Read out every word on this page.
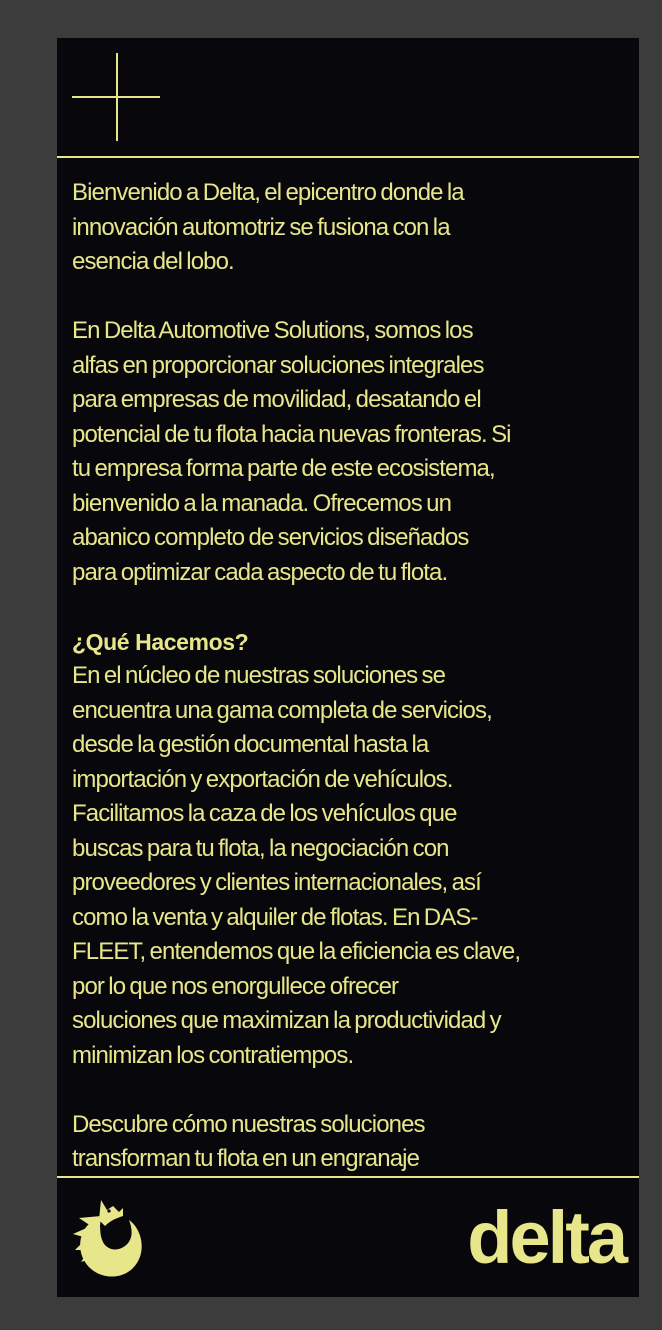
Bienvenido a Delta, el epicentro donde la
innovación automotriz se fusiona con la
esencia del lobo.

En Delta Automotive Solutions, somos los
alfas en proporcionar soluciones integrales
para empresas de movilidad, desatando el
potencial de tu flota hacia nuevas fronteras. Si
tu empresa forma parte de este ecosistema,
bienvenido a la manada. Ofrecemos un
abanico completo de servicios diseñados
para optimizar cada aspecto de tu flota.

¿Qué Hacemos?

En el núcleo de nuestras soluciones se
encuentra una gama completa de servicios,
desde la gestión documental hasta la
importación y exportación de vehículos.
Facilitamos la caza de los vehículos que
buscas para tu flota, la negociación con
proveedores y clientes internacionales, así
como la venta y alquiler de flotas. En DAS-
FLEET, entendemos que la eficiencia es clave,
por lo que nos enorgullece ofrecer
soluciones que maximizan la productividad y
minimizan los contratiempos.

Descubre cómo nuestras soluciones
transforman tu flota en un engranaje

delta
